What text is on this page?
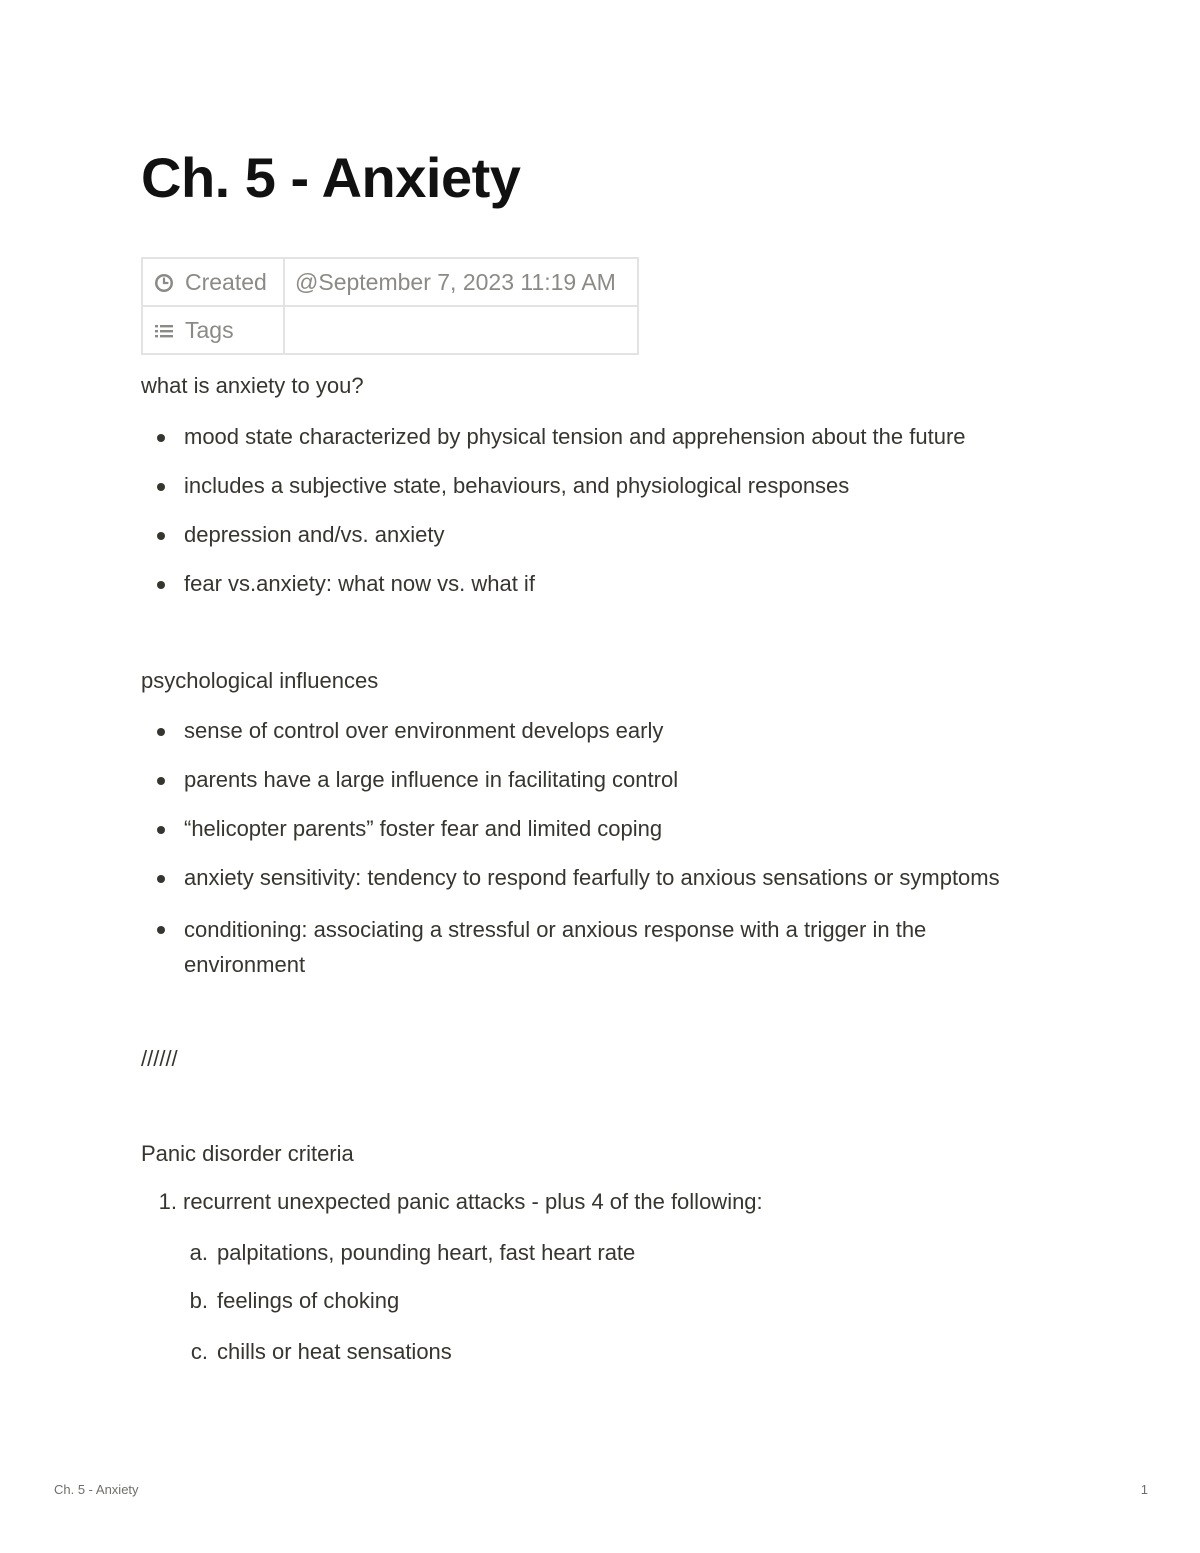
Ch. 5 - Anxiety
Created	@September 7, 2023 11:19 AM
Tags	

what is anxiety to you?

mood state characterized by physical tension and apprehension about the future
includes a subjective state, behaviours, and physiological responses
depression and/vs. anxiety
fear vs.anxiety: what now vs. what if

psychological influences

sense of control over environment develops early
parents have a large influence in facilitating control
“helicopter parents” foster fear and limited coping
anxiety sensitivity: tendency to respond fearfully to anxious sensations or symptoms
conditioning: associating a stressful or anxious response with a trigger in the environment

//////

Panic disorder criteria

1. recurrent unexpected panic attacks - plus 4 of the following:
a. palpitations, pounding heart, fast heart rate
b. feelings of choking
c. chills or heat sensations
Ch. 5 - Anxiety	1
